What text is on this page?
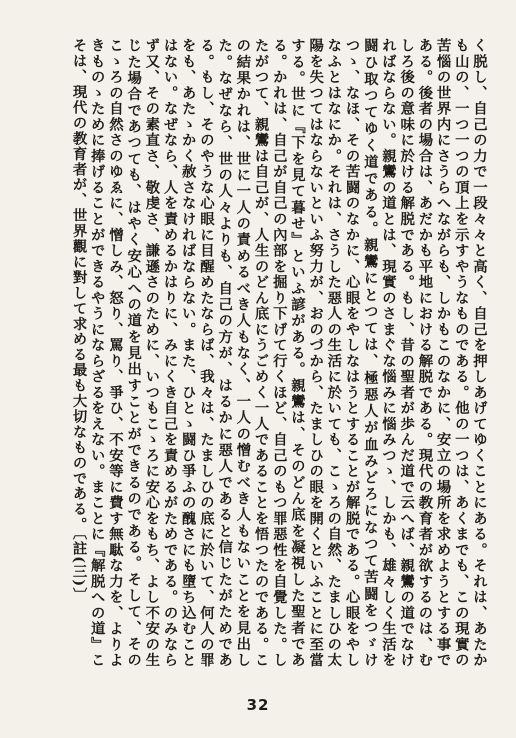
く脱し、自己の力で一段々々と高く、自己を押しあげてゆくことにある。それは、あたかも山の、一つ一つの頂上を示すやうなものである。他の一つは、あくまでも、この現實の苦惱の世界内にさうらへながらも、しかもこのなかに、安立の場所を求めようとする事である。後者の場合は、あだかも平地における解脱である。現代の教育者が欲するのは、むしろ後の意味に於ける解脱である。もし、昔の聖者が歩んだ道で云へば、親鸞の道でなければならない。親鸞の道とは、現實のさまぐな惱みに惱みつゝ、しかも、雄々しく生活を闘ひ取つてゆく道である。親鸞にとつては、極惡人が血みどろになつて苦闘をつゞけつゝ、なほ、その苦闘のなかに、心眼をやしなはうとすることが解脱である。心眼をやしなふとはなにか。それは、さうした惡人の生活に於いても、こゝろの自然、たましひの太陽を失つてはならないといふ努力が、おのづから、たましひの眼を開くといふことに至當する。世に『下を見て暮せ』といふ諺がある。親鸞は、そのどん底を凝視した聖者である。かれは、自己が自己の內部を掘り下げて行くほど、自己のもつ罪惡性を自覺した。したがつて、親鸞は自己が、人生のどん底にうごめく一人であることを悟つたのである。この結果かれは、世に一人の責めるべき人もなく、一人の憎むべき人もないことを見出した。なぜなら、世の人々よりも、自己の方が、はるかに惡人であると信じたがためである。もし、そのやうな心眼に目醒めたならば、我々は、たましひの底に於いて、何人の罪をも、あたゝかく赦さなければならない。また、ひとゝ闘ひ爭ふの醜さにも墮ち込むことはない。なぜなら、人を責めるかはりに、みにくき自己を責めるがためである。のみならず又、その素直さ、敬虔さ、謙遜さのために、いつもこゝろに安心をもち、よし不安の生じた場合であつても、はやく安心への道を見出すことができるのである。そして、そのこゝろの自然さのゆゑに、憎しみ、怒り、罵り、爭ひ、不安等に費す無駄な力を、よりよきものゝために捧げることができるやうにならざるをえない。まことに『解脱への道』こそは、現代の教育者が、世界觀に對して求める最も大切なものである。〔註(三)〕

32
